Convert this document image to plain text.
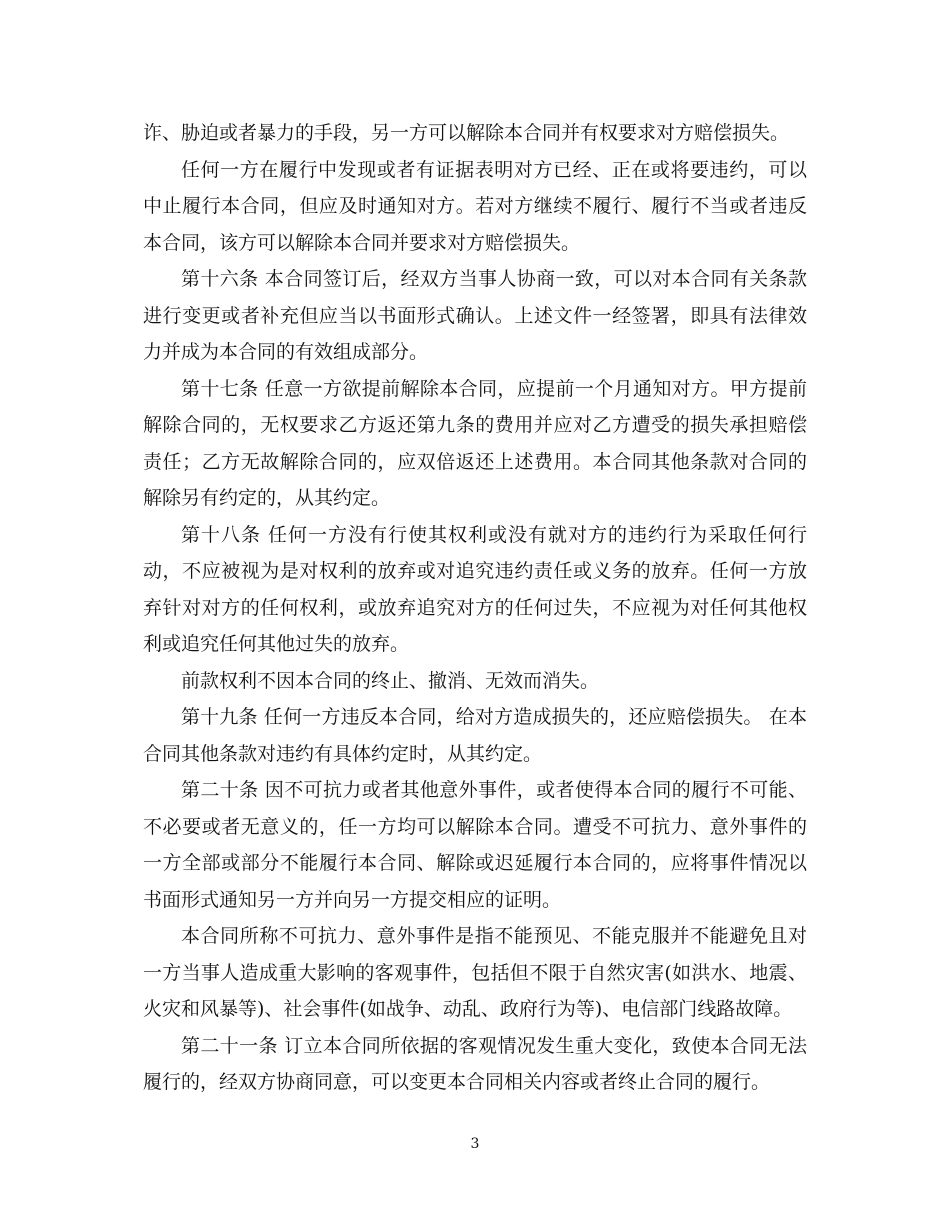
诈、胁迫或者暴力的手段，另一方可以解除本合同并有权要求对方赔偿损失。

任何一方在履行中发现或者有证据表明对方已经、正在或将要违约，可以中止履行本合同，但应及时通知对方。若对方继续不履行、履行不当或者违反本合同，该方可以解除本合同并要求对方赔偿损失。

第十六条 本合同签订后，经双方当事人协商一致，可以对本合同有关条款进行变更或者补充但应当以书面形式确认。上述文件一经签署，即具有法律效力并成为本合同的有效组成部分。

第十七条 任意一方欲提前解除本合同，应提前一个月通知对方。甲方提前解除合同的，无权要求乙方返还第九条的费用并应对乙方遭受的损失承担赔偿责任；乙方无故解除合同的，应双倍返还上述费用。本合同其他条款对合同的解除另有约定的，从其约定。

第十八条 任何一方没有行使其权利或没有就对方的违约行为采取任何行动，不应被视为是对权利的放弃或对追究违约责任或义务的放弃。任何一方放弃针对对方的任何权利，或放弃追究对方的任何过失，不应视为对任何其他权利或追究任何其他过失的放弃。

前款权利不因本合同的终止、撤消、无效而消失。

第十九条 任何一方违反本合同，给对方造成损失的，还应赔偿损失。 在本合同其他条款对违约有具体约定时，从其约定。

第二十条 因不可抗力或者其他意外事件，或者使得本合同的履行不可能、不必要或者无意义的，任一方均可以解除本合同。遭受不可抗力、意外事件的一方全部或部分不能履行本合同、解除或迟延履行本合同的，应将事件情况以书面形式通知另一方并向另一方提交相应的证明。

本合同所称不可抗力、意外事件是指不能预见、不能克服并不能避免且对一方当事人造成重大影响的客观事件，包括但不限于自然灾害(如洪水、地震、火灾和风暴等)、社会事件(如战争、动乱、政府行为等)、电信部门线路故障。

第二十一条 订立本合同所依据的客观情况发生重大变化，致使本合同无法履行的，经双方协商同意，可以变更本合同相关内容或者终止合同的履行。

3
